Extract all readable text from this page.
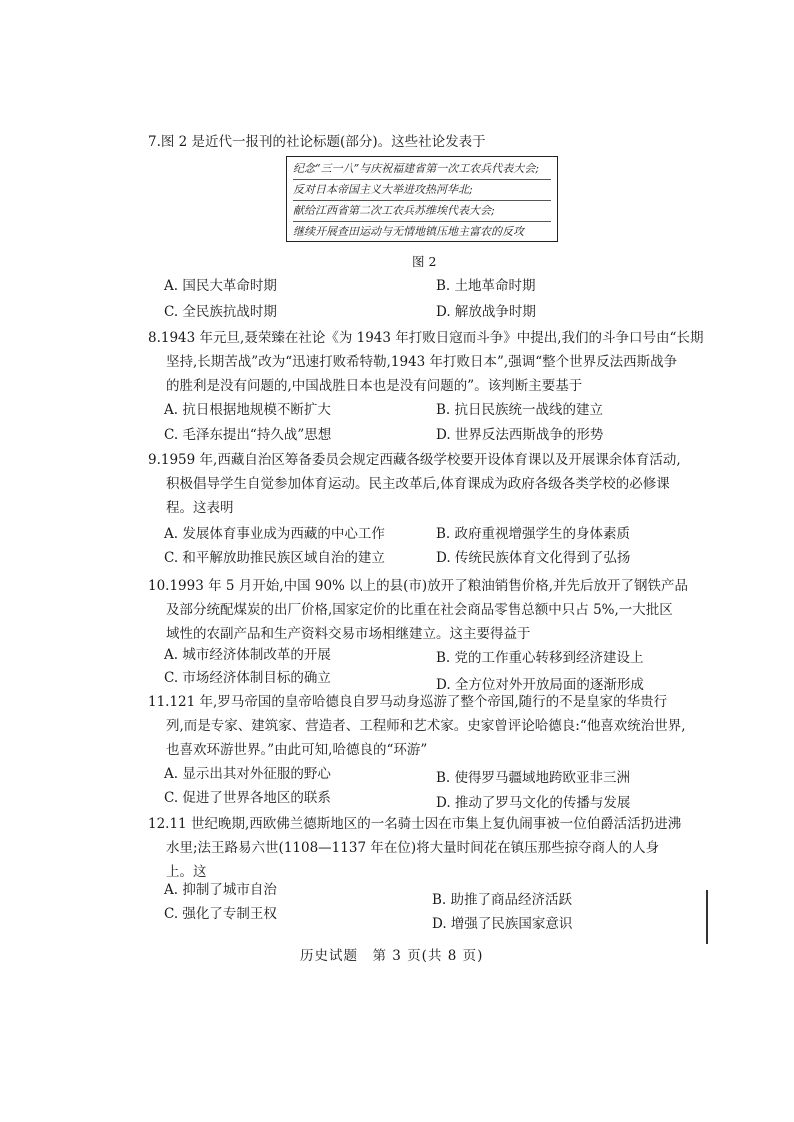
7.图 2 是近代一报刊的社论标题(部分)。这些社论发表于
纪念“三一八”与庆祝福建省第一次工农兵代表大会;
反对日本帝国主义大举进攻热河华北;
献给江西省第二次工农兵苏维埃代表大会;
继续开展查田运动与无情地镇压地主富农的反攻
图 2
A. 国民大革命时期	B. 土地革命时期
C. 全民族抗战时期	D. 解放战争时期
8.1943 年元旦,聂荣臻在社论《为 1943 年打败日寇而斗争》中提出,我们的斗争口号由“长期
坚持,长期苦战”改为“迅速打败希特勒,1943 年打败日本”,强调“整个世界反法西斯战争
的胜利是没有问题的,中国战胜日本也是没有问题的”。该判断主要基于
A. 抗日根据地规模不断扩大	B. 抗日民族统一战线的建立
C. 毛泽东提出“持久战”思想	D. 世界反法西斯战争的形势
9.1959 年,西藏自治区筹备委员会规定西藏各级学校要开设体育课以及开展课余体育活动,
积极倡导学生自觉参加体育运动。民主改革后,体育课成为政府各级各类学校的必修课
程。这表明
A. 发展体育事业成为西藏的中心工作	B. 政府重视增强学生的身体素质
C. 和平解放助推民族区域自治的建立	D. 传统民族体育文化得到了弘扬
10.1993 年 5 月开始,中国 90% 以上的县(市)放开了粮油销售价格,并先后放开了钢铁产品
及部分统配煤炭的出厂价格,国家定价的比重在社会商品零售总额中只占 5%,一大批区
域性的农副产品和生产资料交易市场相继建立。这主要得益于
A. 城市经济体制改革的开展	B. 党的工作重心转移到经济建设上
C. 市场经济体制目标的确立	D. 全方位对外开放局面的逐渐形成
11.121 年,罗马帝国的皇帝哈德良自罗马动身巡游了整个帝国,随行的不是皇家的华贵行
列,而是专家、建筑家、营造者、工程师和艺术家。史家曾评论哈德良:“他喜欢统治世界,
也喜欢环游世界。”由此可知,哈德良的“环游”
A. 显示出其对外征服的野心	B. 使得罗马疆域地跨欧亚非三洲
C. 促进了世界各地区的联系	D. 推动了罗马文化的传播与发展
12.11 世纪晚期,西欧佛兰德斯地区的一名骑士因在市集上复仇闹事被一位伯爵活活扔进沸
水里;法王路易六世(1108—1137 年在位)将大量时间花在镇压那些掠夺商人的人身
上。这
A. 抑制了城市自治
B. 助推了商品经济活跃
C. 强化了专制王权
D. 增强了民族国家意识
历史试题　第 3 页(共 8 页)
